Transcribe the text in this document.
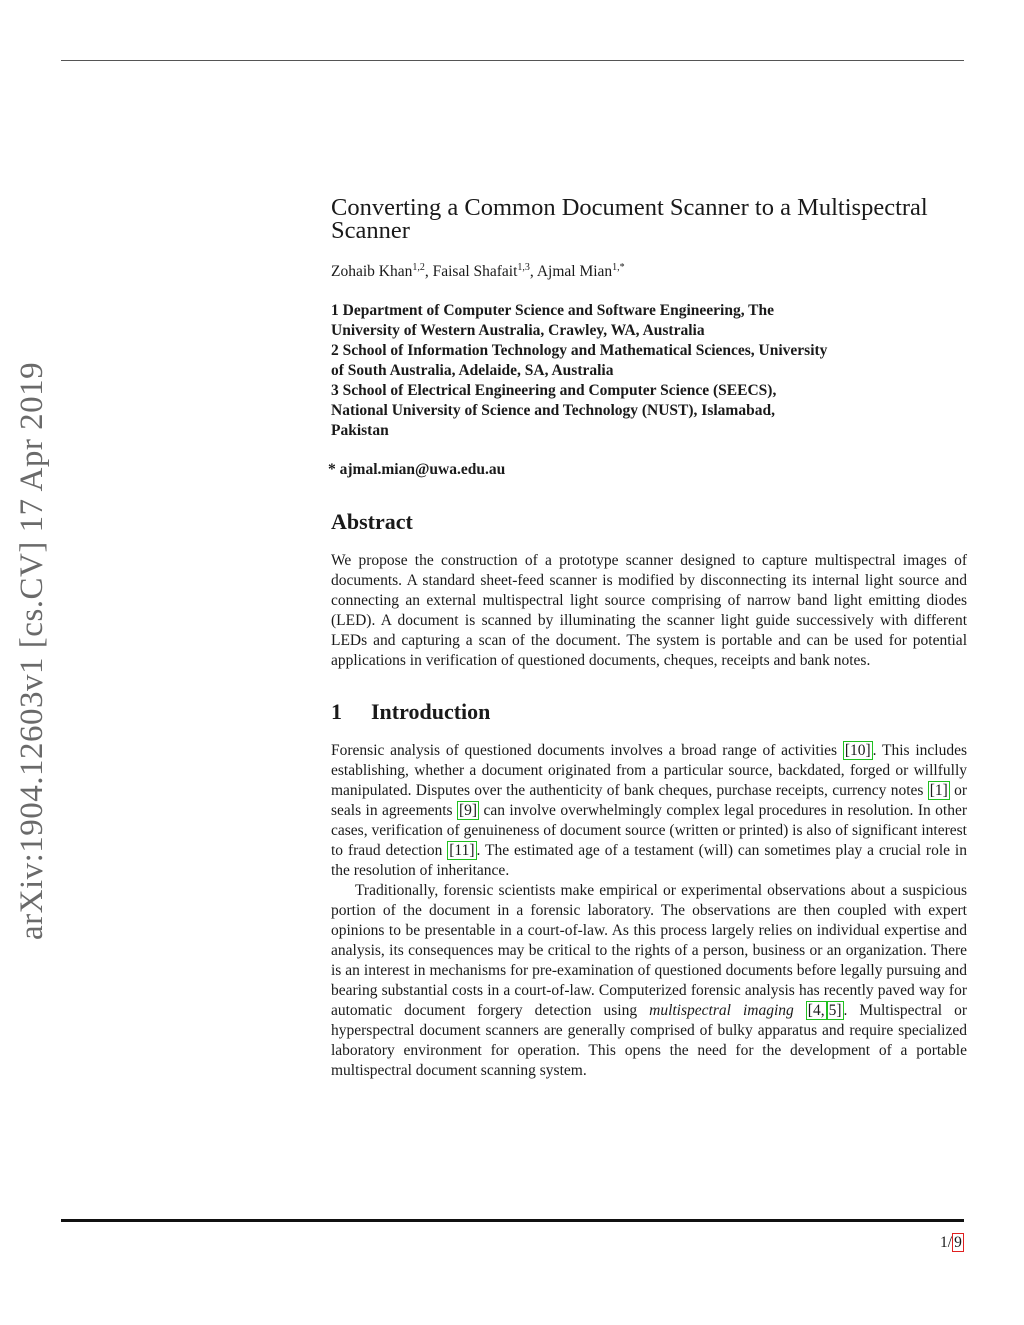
arXiv:1904.12603v1 [cs.CV] 17 Apr 2019
Converting a Common Document Scanner to a Multispectral
Scanner
Zohaib Khan$^{1,2}$, Faisal Shafait$^{1,3}$, Ajmal Mian$^{1,*}$
1 Department of Computer Science and Software Engineering, The
University of Western Australia, Crawley, WA, Australia
2 School of Information Technology and Mathematical Sciences, University
of South Australia, Adelaide, SA, Australia
3 School of Electrical Engineering and Computer Science (SEECS),
National University of Science and Technology (NUST), Islamabad,
Pakistan
* ajmal.mian@uwa.edu.au
Abstract

We propose the construction of a prototype scanner designed to capture multispectral images of documents. A standard sheet-feed scanner is modified by disconnecting its internal light source and connecting an external multispectral light source comprising of narrow band light emitting diodes (LED). A document is scanned by illuminating the scanner light guide successively with different LEDs and capturing a scan of the document. The system is portable and can be used for potential applications in verification of questioned documents, cheques, receipts and bank notes.

1 Introduction

Forensic analysis of questioned documents involves a broad range of activities [10] . This includes establishing, whether a document originated from a particular source, backdated, forged or willfully manipulated. Disputes over the authenticity of bank cheques, purchase receipts, currency notes [1] or seals in agreements [9] can involve overwhelmingly complex legal procedures in resolution. In other cases, verification of genuineness of document source (written or printed) is also of significant interest to fraud detection [11] . The estimated age of a testament (will) can sometimes play a crucial role in the resolution of inheritance.

Traditionally, forensic scientists make empirical or experimental observations about a suspicious portion of the document in a forensic laboratory. The observations are then coupled with expert opinions to be presentable in a court-of-law. As this process largely relies on individual expertise and analysis, its consequences may be critical to the rights of a person, business or an organization. There is an interest in mechanisms for pre-examination of questioned documents before legally pursuing and bearing substantial costs in a court-of-law. Computerized forensic analysis has recently paved way for automatic document forgery detection using multispectral imaging [4, 5] . Multispectral or hyperspectral document scanners are generally comprised of bulky apparatus and require specialized laboratory environment for operation. This opens the need for the development of a portable multispectral document scanning system.

1/ 9
